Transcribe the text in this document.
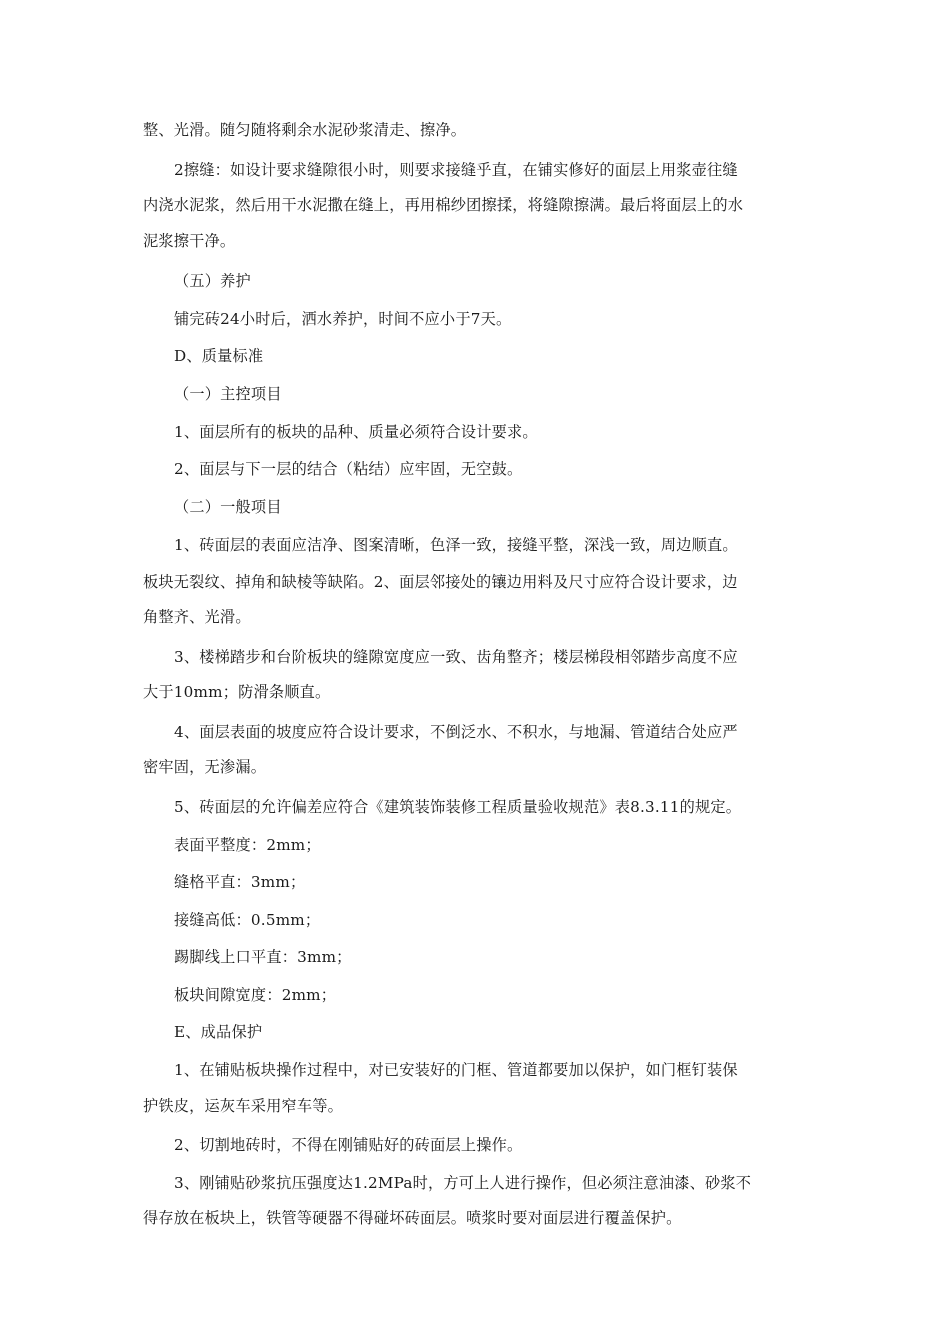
整、光滑。随匀随将剩余水泥砂浆清走、擦净。
2擦缝：如设计要求缝隙很小时，则要求接缝乎直，在铺实修好的面层上用浆壶往缝
内浇水泥浆，然后用干水泥撒在缝上，再用棉纱团擦揉，将缝隙擦满。最后将面层上的水
泥浆擦干净。
（五）养护
铺完砖24小时后，洒水养护，时间不应小于7天。
D、质量标准
（一）主控项目
1、面层所有的板块的品种、质量必须符合设计要求。
2、面层与下一层的结合（粘结）应牢固，无空鼓。
（二）一般项目
1、砖面层的表面应洁净、图案清晰，色泽一致，接缝平整，深浅一致，周边顺直。
板块无裂纹、掉角和缺棱等缺陷。2、面层邻接处的镶边用料及尺寸应符合设计要求，边
角整齐、光滑。
3、楼梯踏步和台阶板块的缝隙宽度应一致、齿角整齐；楼层梯段相邻踏步高度不应
大于10mm；防滑条顺直。
4、面层表面的坡度应符合设计要求，不倒泛水、不积水，与地漏、管道结合处应严
密牢固，无渗漏。
5、砖面层的允许偏差应符合《建筑装饰装修工程质量验收规范》表8.3.11的规定。
表面平整度：2mm；
缝格平直：3mm；
接缝高低：0.5mm；
踢脚线上口平直：3mm；
板块间隙宽度：2mm；
E、成品保护
1、在铺贴板块操作过程中，对已安装好的门框、管道都要加以保护，如门框钉装保
护铁皮，运灰车采用窄车等。
2、切割地砖时，不得在刚铺贴好的砖面层上操作。
3、刚铺贴砂浆抗压强度达1.2MPa时，方可上人进行操作，但必须注意油漆、砂浆不
得存放在板块上，铁管等硬器不得碰坏砖面层。喷浆时要对面层进行覆盖保护。
